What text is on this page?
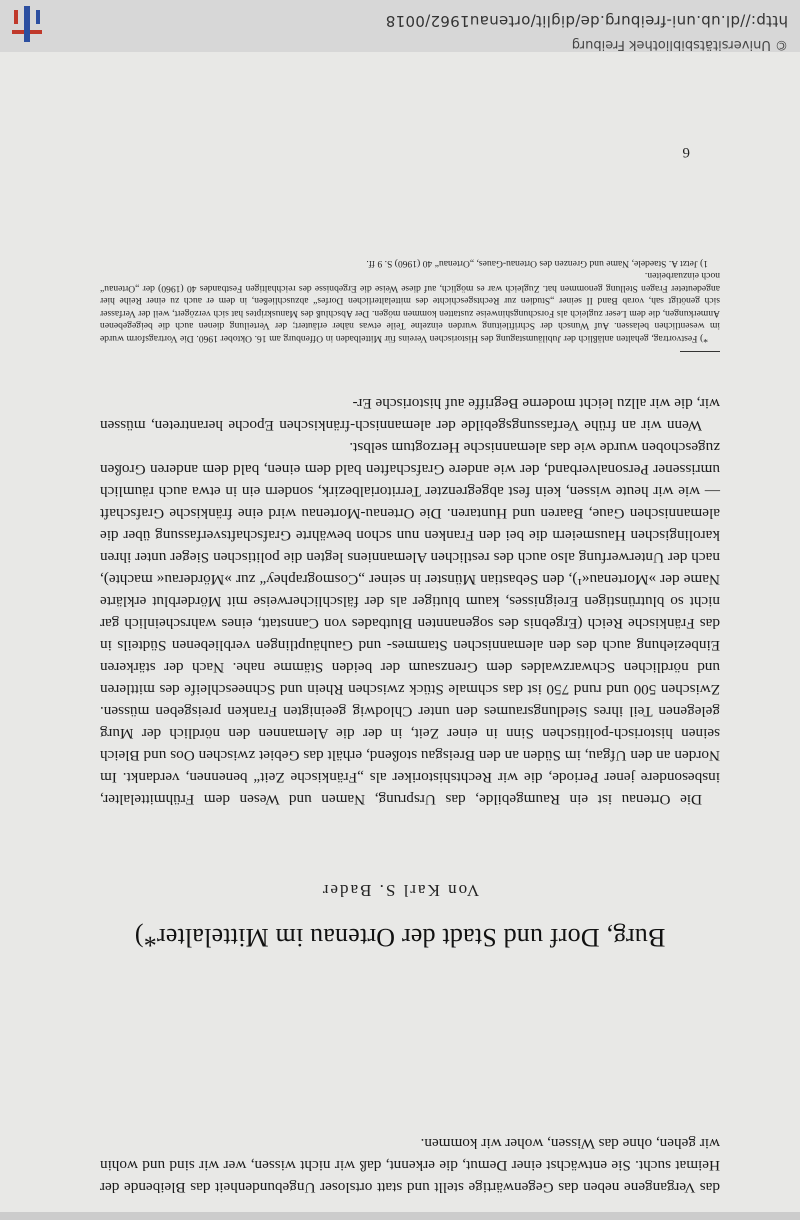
das Vergangene neben das Gegenwärtige stellt und statt ortsloser Ungebundenheit das Bleibende der Heimat sucht. Sie entwächst einer Demut, die erkennt, daß wir nicht wissen, wer wir sind und wohin wir gehen, ohne das Wissen, woher wir kommen.

Burg, Dorf und Stadt der Ortenau im Mittelalter*)
Von Karl S. Bader

Die Ortenau ist ein Raumgebilde, das Ursprung, Namen und Wesen dem Frühmittelalter, insbesondere jener Periode, die wir Rechtshistoriker als „Fränkische Zeit“ benennen, verdankt. Im Norden an den Ufgau, im Süden an den Breisgau stoßend, erhält das Gebiet zwischen Oos und Bleich seinen historisch-politischen Sinn in einer Zeit, in der die Alemannen den nördlich der Murg gelegenen Teil ihres Siedlungsraumes den unter Chlodwig geeinigten Franken preisgeben müssen. Zwischen 500 und rund 750 ist das schmale Stück zwischen Rhein und Schneeschleife des mittleren und nördlichen Schwarzwaldes dem Grenzsaum der beiden Stämme nahe. Nach der stärkeren Einbeziehung auch des den alemannischen Stammes- und Gauhäuptlingen verbliebenen Südteils in das Fränkische Reich (Ergebnis des sogenannten Blutbades von Cannstatt, eines wahrscheinlich gar nicht so blutrünstigen Ereignisses, kaum blutiger als der fälschlicherweise mit Mörderblut erklärte Name der »Mortenau«¹), den Sebastian Münster in seiner „Cosmographey“ zur »Mörderau« machte), nach der Unterwerfung also auch des restlichen Alemanniens legten die politischen Sieger unter ihren karolingischen Hausmeiern die bei den Franken nun schon bewährte Grafschaftsverfassung über die alemannischen Gaue, Baaren und Huntaren. Die Ortenau-Mortenau wird eine fränkische Grafschaft — wie wir heute wissen, kein fest abgegrenzter Territorialbezirk, sondern ein in etwa auch räumlich umrissener Personalverband, der wie andere Grafschaften bald dem einen, bald dem anderen Großen zugeschoben wurde wie das alemannische Herzogtum selbst.

Wenn wir an frühe Verfassungsgebilde der alemannisch-fränkischen Epoche herantreten, müssen wir, die wir allzu leicht moderne Begriffe auf historische Er-

*) Festvortrag, gehalten anläßlich der Jubiläumstagung des Historischen Vereins für Mittelbaden in Offenburg am 16. Oktober 1960. Die Vortragsform wurde im wesentlichen belassen. Auf Wunsch der Schriftleitung wurden einzelne Teile etwas näher erläutert; der Verteilung dienen auch die beigegebenen Anmerkungen, die dem Leser zugleich als Forschungshinweise zustatten kommen mögen. Der Abschluß des Manuskriptes hat sich verzögert, weil der Verfasser sich genötigt sah, vorab Band II seiner „Studien zur Rechtsgeschichte des mittelalterlichen Dorfes“ abzuschließen, in dem er auch zu einer Reihe hier angedeuteter Fragen Stellung genommen hat. Zugleich war es möglich, auf diese Weise die Ergebnisse des reichhaltigen Festbandes 40 (1960) der „Ortenau“ noch einzuarbeiten.

1) Jetzt A. Staedele, Name und Grenzen des Ortenau-Gaues, „Ortenau“ 40 (1960) S. 9 ff.

6
© Universitätsbibliothek Freiburg
http://dl.ub.uni-freiburg.de/diglit/ortenau1962/0018
